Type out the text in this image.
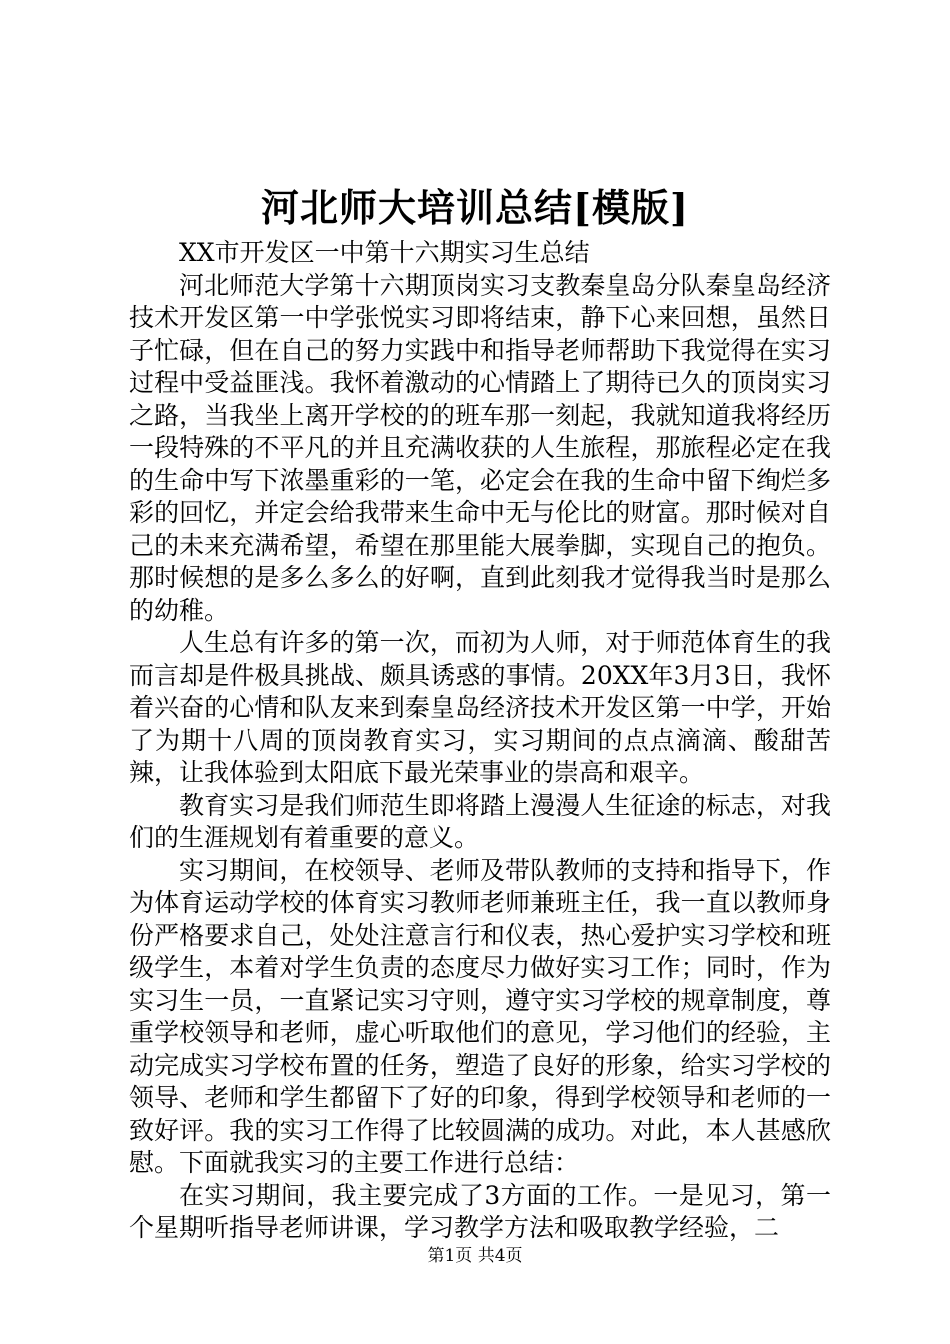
河北师大培训总结[模版]

XX市开发区一中第十六期实习生总结

河北师范大学第十六期顶岗实习支教秦皇岛分队秦皇岛经济技术开发区第一中学张悦实习即将结束，静下心来回想，虽然日子忙碌，但在自己的努力实践中和指导老师帮助下我觉得在实习过程中受益匪浅。我怀着激动的心情踏上了期待已久的顶岗实习之路，当我坐上离开学校的的班车那一刻起，我就知道我将经历一段特殊的不平凡的并且充满收获的人生旅程，那旅程必定在我的生命中写下浓墨重彩的一笔，必定会在我的生命中留下绚烂多彩的回忆，并定会给我带来生命中无与伦比的财富。那时候对自己的未来充满希望，希望在那里能大展拳脚，实现自己的抱负。那时候想的是多么多么的好啊，直到此刻我才觉得我当时是那么的幼稚。

人生总有许多的第一次，而初为人师，对于师范体育生的我而言却是件极具挑战、颇具诱惑的事情。20XX年3月3日，我怀着兴奋的心情和队友来到秦皇岛经济技术开发区第一中学，开始了为期十八周的顶岗教育实习，实习期间的点点滴滴、酸甜苦辣，让我体验到太阳底下最光荣事业的崇高和艰辛。

教育实习是我们师范生即将踏上漫漫人生征途的标志，对我们的生涯规划有着重要的意义。

实习期间，在校领导、老师及带队教师的支持和指导下，作为体育运动学校的体育实习教师老师兼班主任，我一直以教师身份严格要求自己，处处注意言行和仪表，热心爱护实习学校和班级学生，本着对学生负责的态度尽力做好实习工作；同时，作为实习生一员，一直紧记实习守则，遵守实习学校的规章制度，尊重学校领导和老师，虚心听取他们的意见，学习他们的经验，主动完成实习学校布置的任务，塑造了良好的形象，给实习学校的领导、老师和学生都留下了好的印象，得到学校领导和老师的一致好评。我的实习工作得了比较圆满的成功。对此，本人甚感欣慰。下面就我实习的主要工作进行总结：

在实习期间，我主要完成了3方面的工作。一是见习，第一个星期听指导老师讲课，学习教学方法和吸取教学经验，二

第1页 共4页
